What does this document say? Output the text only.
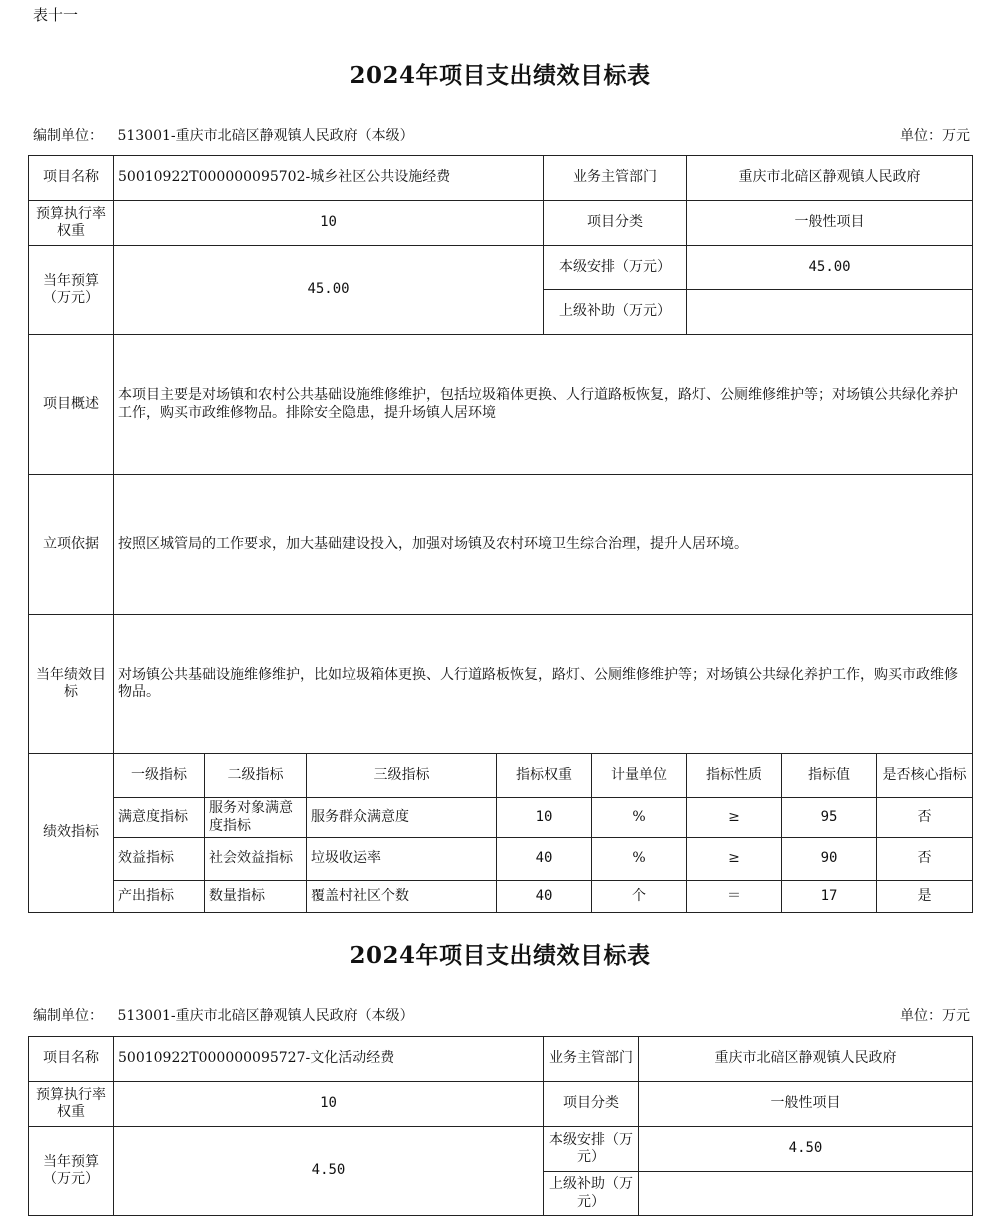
表十一
2024年项目支出绩效目标表
编制单位： 513001-重庆市北碚区静观镇人民政府（本级）	单位：万元
项目名称	50010922T000000095702-城乡社区公共设施经费				业务主管部门		重庆市北碚区静观镇人民政府		
预算执行率权重	10				项目分类		一般性项目		
当年预算（万元）	45.00				本级安排（万元）		45.00		
					上级补助（万元）				
项目概述	本项目主要是对场镇和农村公共基础设施维修维护，包括垃圾箱体更换、人行道路板恢复，路灯、公厕维修维护等；对场镇公共绿化养护工作，购买市政维修物品。排除安全隐患，提升场镇人居环境								
立项依据	按照区城管局的工作要求，加大基础建设投入，加强对场镇及农村环境卫生综合治理，提升人居环境。								
当年绩效目标	对场镇公共基础设施维修维护，比如垃圾箱体更换、人行道路板恢复，路灯、公厕维修维护等；对场镇公共绿化养护工作，购买市政维修物品。								
绩效指标	一级指标	二级指标	三级指标	指标权重		计量单位	指标性质	指标值	是否核心指标
	满意度指标	服务对象满意度指标	服务群众满意度	10		%	≥	95	否
	效益指标	社会效益指标	垃圾收运率	40		%	≥	90	否
	产出指标	数量指标	覆盖村社区个数	40		个	＝	17	是
2024年项目支出绩效目标表
编制单位： 513001-重庆市北碚区静观镇人民政府（本级）	单位：万元
项目名称	50010922T000000095727-文化活动经费	业务主管部门	重庆市北碚区静观镇人民政府
预算执行率权重	10	项目分类	一般性项目
当年预算（万元）	4.50	本级安排（万元）	4.50
		上级补助（万元）	
